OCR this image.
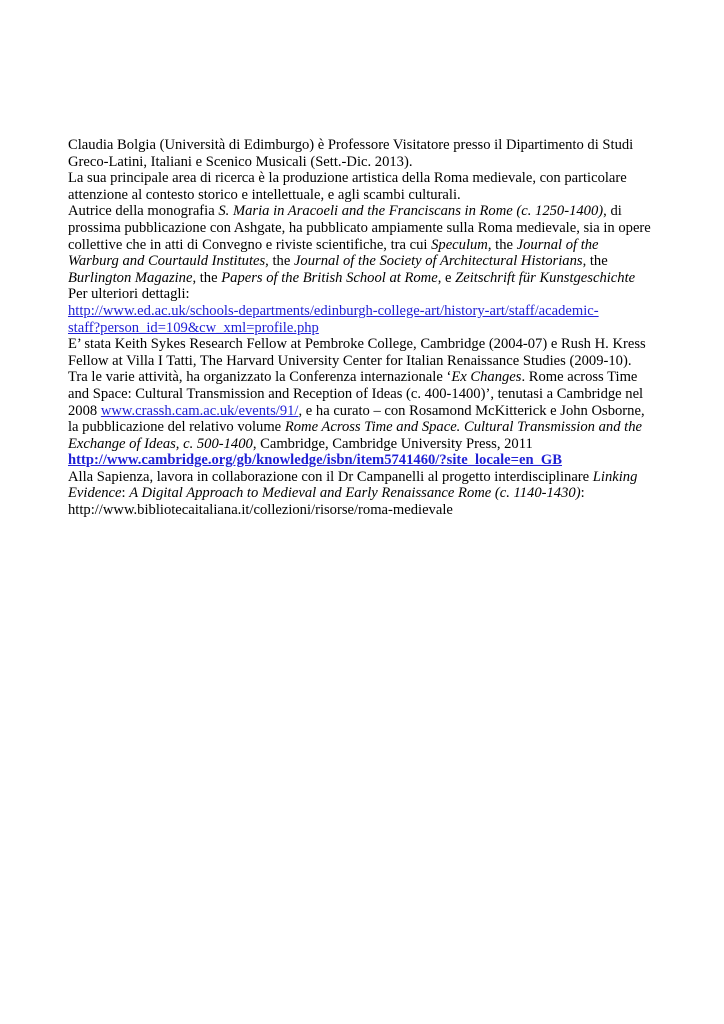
Claudia Bolgia (Università di Edimburgo) è Professore Visitatore presso il Dipartimento di Studi
Greco-Latini, Italiani e Scenico Musicali (Sett.-Dic. 2013).
La sua principale area di ricerca è la produzione artistica della Roma medievale, con particolare
attenzione al contesto storico e intellettuale, e agli scambi culturali.
Autrice della monografia S. Maria in Aracoeli and the Franciscans in Rome (c. 1250-1400), di
prossima pubblicazione con Ashgate, ha pubblicato ampiamente sulla Roma medievale, sia in opere
collettive che in atti di Convegno e riviste scientifiche, tra cui Speculum, the Journal of the
Warburg and Courtauld Institutes, the Journal of the Society of Architectural Historians, the
Burlington Magazine, the Papers of the British School at Rome, e Zeitschrift für Kunstgeschichte
Per ulteriori dettagli:
http://www.ed.ac.uk/schools-departments/edinburgh-college-art/history-art/staff/academic-
staff?person_id=109&cw_xml=profile.php
E’ stata Keith Sykes Research Fellow at Pembroke College, Cambridge (2004-07) e Rush H. Kress
Fellow at Villa I Tatti, The Harvard University Center for Italian Renaissance Studies (2009-10).
Tra le varie attività, ha organizzato la Conferenza internazionale ‘Ex Changes. Rome across Time
and Space: Cultural Transmission and Reception of Ideas (c. 400-1400)’, tenutasi a Cambridge nel
2008 www.crassh.cam.ac.uk/events/91/, e ha curato – con Rosamond McKitterick e John Osborne,
la pubblicazione del relativo volume Rome Across Time and Space. Cultural Transmission and the
Exchange of Ideas, c. 500-1400, Cambridge, Cambridge University Press, 2011
http://www.cambridge.org/gb/knowledge/isbn/item5741460/?site_locale=en_GB
Alla Sapienza, lavora in collaborazione con il Dr Campanelli al progetto interdisciplinare Linking
Evidence: A Digital Approach to Medieval and Early Renaissance Rome (c. 1140-1430):
http://www.bibliotecaitaliana.it/collezioni/risorse/roma-medievale
